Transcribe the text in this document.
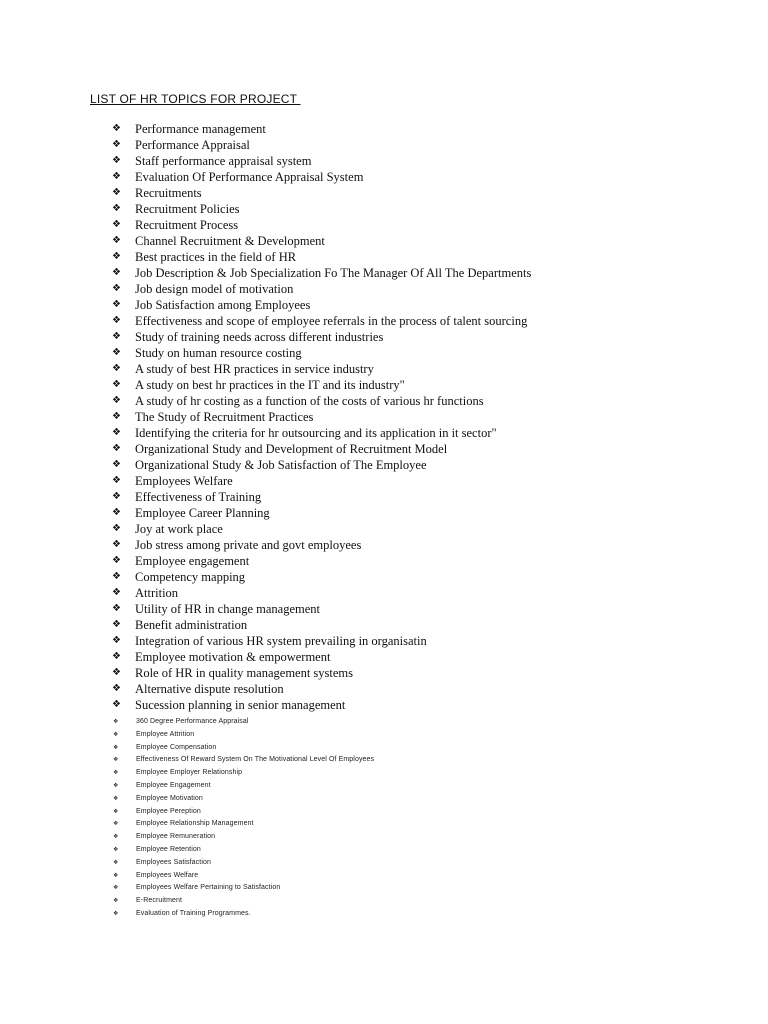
LIST OF HR TOPICS FOR PROJECT
❖	Performance management
❖	Performance Appraisal
❖	Staff performance appraisal system
❖	Evaluation Of Performance Appraisal System
❖	Recruitments
❖	Recruitment Policies
❖	Recruitment Process
❖	Channel Recruitment & Development
❖	Best practices in the field of HR
❖	Job Description & Job Specialization Fo The Manager Of All The Departments
❖	Job design model of motivation
❖	Job Satisfaction among Employees
❖	Effectiveness and scope of employee referrals in the process of talent sourcing
❖	Study of training needs across different industries
❖	Study on human resource costing
❖	A study of best HR practices in service industry
❖	A study on best hr practices in the IT and its industry"
❖	A study of hr costing as a function of the costs of various hr functions
❖	The Study of Recruitment Practices
❖	Identifying the criteria for hr outsourcing and its application in it sector"
❖	Organizational Study and Development of Recruitment Model
❖	Organizational Study & Job Satisfaction of The Employee
❖	Employees Welfare
❖	Effectiveness of Training
❖	Employee Career Planning
❖	Joy at work place
❖	Job stress among private and govt employees
❖	Employee engagement
❖	Competency mapping
❖	Attrition
❖	Utility of HR in change management
❖	Benefit administration
❖	Integration of various HR system prevailing in organisatin
❖	Employee motivation & empowerment
❖	Role of HR in quality management systems
❖	Alternative dispute resolution
❖	Sucession planning in senior management
❖	360 Degree Performance Appraisal
❖	Employee Attrition
❖	Employee Compensation
❖	Effectiveness Of Reward System On The Motivational Level Of Employees
❖	Employee Employer Relationship
❖	Employee Engagement
❖	Employee Motivation
❖	Employee Pereption
❖	Employee Relationship Management
❖	Employee Remuneration
❖	Employee Retention
❖	Employees Satisfaction
❖	Employees Welfare
❖	Employees Welfare Pertaining to Satisfaction
❖	E-Recruitment
❖	Evaluation of Training Programmes.
